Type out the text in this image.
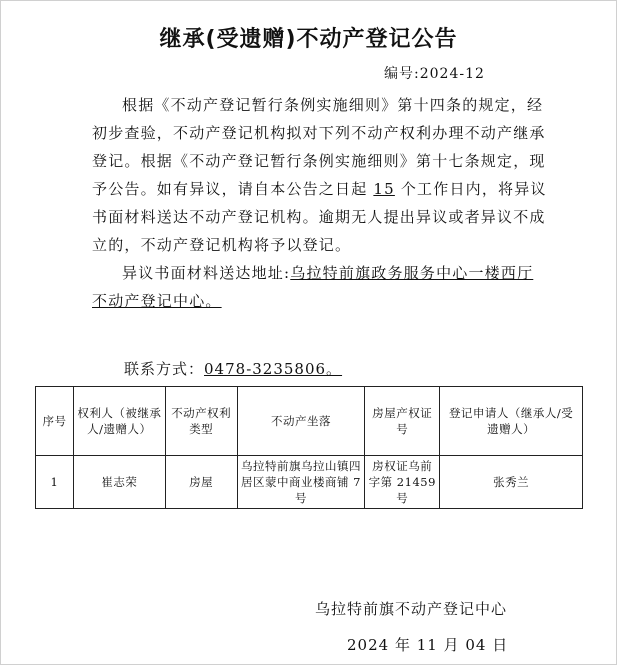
继承(受遗赠)不动产登记公告
编号:2024-12

根据《不动产登记暂行条例实施细则》第十四条的规定，经初步查验，不动产登记机构拟对下列不动产权利办理不动产继承登记。根据《不动产登记暂行条例实施细则》第十七条规定，现予公告。如有异议，请自本公告之日起 15 个工作日内，将异议书面材料送达不动产登记机构。逾期无人提出异议或者异议不成立的，不动产登记机构将予以登记。

异议书面材料送达地址:乌拉特前旗政务服务中心一楼西厅不动产登记中心。

联系方式：0478-3235806。
序号	权利人（被继承人/遗赠人）	不动产权利类型	不动产坐落	房屋产权证号	登记申请人（继承人/受遗赠人）
1	崔志荣	房屋	乌拉特前旗乌拉山镇四居区蒙中商业楼商铺 7 号	房权证乌前字第 21459 号	张秀兰
乌拉特前旗不动产登记中心
2024 年 11 月 04 日
